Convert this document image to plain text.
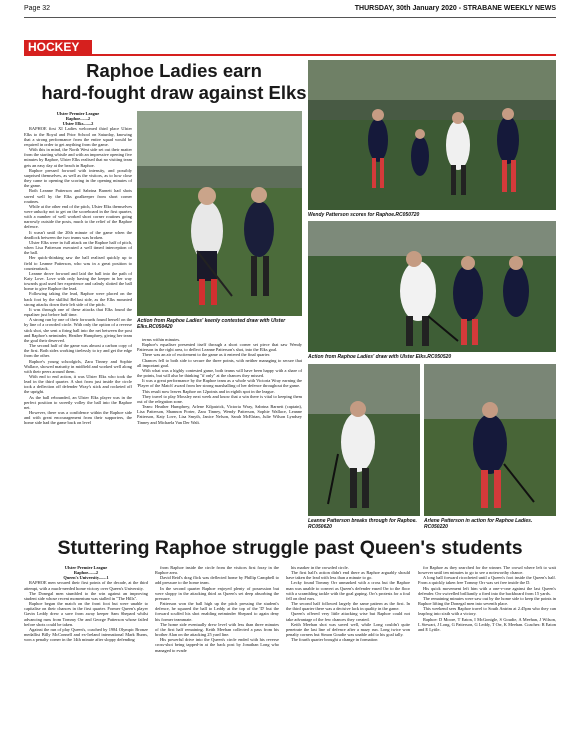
Page 32	THURSDAY, 30th January 2020 - STRABANE WEEKLY NEWS
HOCKEY
Raphoe Ladies earn
hard-fought draw against Elks

Ulster Premier League

Raphoe.......2

Ulster Elks.......2

RAPHOE first XI Ladies welcomed third place Ulster Elks to the Royal and Prior School on Saturday, knowing that a strong performance from the entire squad would be required in order to get anything from the game.

With this in mind, the North West side set out their matter from the starting whistle and with an impressive opening five minutes by Raphoe, Ulster Elks realised that no visiting team gets an easy day at the beach in Raphoe.

Raphoe pressed forward with intensity, and possibly surprised themselves, as well as the visitors, as to how close they came to opening the scoring in the opening minutes of the game.

Both Leanne Patterson and Sabrina Barnett had shots saved well by the Elks goalkeeper from short corner routines.

While at the other end of the pitch, Ulster Elks themselves were unlucky not to get on the scoreboard in the first quarter, with a number of well worked short corner routines going narrowly outside the posts, much to the relief of the Raphoe defence.

It wasn't until the 20th minute of the game when the deadlock between the two teams was broken.

Ulster Elks were in full attack on the Raphoe half of pitch, when Lisa Patterson executed a well timed interception of the ball.

Her quick-thinking saw the ball realised quickly up to field to Leanne Patterson, who was in a great position to counterattack.

Leanne drove forward and laid the ball into the path of Katy Love. Love with only having the keeper in her way towards goal used her experience and calmly slotted the ball home to give Raphoe the lead.

Following taking the lead, Raphoe were placed on the back foot by the skillful Belfast side, as the Elks mounted strong attacks down their left side of the pitch.

It was through one of these attacks that Elks found the equaliser just before half time.

A strong run by one of their forwards found herself on the by line of a crowded circle. With only the option of a reverse stick shot, she sent a firing ball into the net between the post and Raphoe's netminder, Heather Humphrey, giving her team the goal their deserved.

The second half of the game was almost a carbon copy of the first. Both sides working tirelessly to try and get the edge from the other.

Raphoe's young schoolgirls, Zara Tinney and Sophie Wallace, showed maturity in midfield and worked well along with their peers around them.

With end to end action, it was Ulster Elks who took the lead in the third quarter. A shot from just inside the circle took a deflection off defender Wray's stick and rocketed off the upright.

As the ball rebounded, an Ulster Elks player was in the perfect position to sweetly volley the ball into the Raphoe net.

However, there was a confidence within the Raphoe side and with great encouragement from their supporters, the home side had the game back on level

Action from Raphoe Ladies' keenly contested draw with Ulster Elks.RC050420

terms within minutes.

Raphoe's equaliser presented itself through a short corner set piece that saw Wendy Patterson in the right area, to deflect Leanne Patterson's shot, into the Elks goal.

There was an air of excitement to the game as it entered the final quarter.

Chances fell to both side to secure the three points, with neither managing to secure that all important goal.

With what was a highly contested game, both teams will have been happy with a share of the points, but will also be thinking "if only" at the chances they missed.

It was a great performance by the Raphoe team as a whole with Victoria Wray earning the 'Player of the Match' award from her strong marshalling of her defence throughout the game.

This result now leaves Raphoe on 12points and in eighth spot in the league.

They travel to play Mossley next week and know that a win there is vital to keeping them out of the relegation zone.

Team: Heather Humphrey, Arlene Kilpatrick, Victoria Wray, Sabrina Barnett (captain), Lisa Patterson, Shannon Porter, Zara Tinney, Wendy Patterson, Sophie Wallace, Leanne Patterson, Katy Love, Lisa Smyth, Janice Nelson, Sarah McElrian, Julie Wilson Lyndsey Tinney and Michaela Van Der Walt.

Wendy Patterson scores for Raphoe.RC050720
Action from Raphoe Ladies' draw with Ulster Elks.RC050520
Leanne Patterson breaks through for Raphoe. RC050620
Arlene Patterson in action for Raphoe Ladies. RC050220
Stuttering Raphoe struggle past Queen's students

Ulster Premier League

Raphoe.......2

Queen's University.......1

RAPHOE men secured their first points of the decade, at the third attempt, with a much-needed home victory over Queen's University.

The Donegal men stumbled to the win against an improving student side whose recent momentum was stalled in "The Hills".

Raphoe began the match on the front foot but were unable to capitalise on their chances in the first quarter. Former Queen's player Gavin Leddy drew a save from away keeper Sam Shepard whilst advancing runs from Tommy Orr and George Patterson whose failed before shots could be taken.

Against the run of play Queen's, coached by 1984 Olympic Bronze medallist Billy McConnell and ex-Ireland international Mark Burns, won a penalty corner in the 14th minute after sloppy defending

from Raphoe inside the circle from the visitors first foray in the Raphoe area.

David Reid's drag flick was deflected home by Phillip Campbell to add pressure to the home team.

In the second quarter Raphoe enjoyed plenty of possession but were sloppy in the attacking third as Queen's set deep absorbing the pressure.

Patterson won the ball high up the pitch pressing the student's defence, he squared the ball to Leddy at the top of the 'D' but the forward scuffed his shot enabling netminder Shepard to again deny his former teammate.

The home side eventually drew level with less than three minutes of the first half remaining. Keith Meehan collected a pass from his brother Alan on the attacking 25 yard line.

His powerful drive into the Queen's circle ended with his reverse cross-shot being tapped-in at the back post by Jonathan Long who managed to evade

his marker in the crowded circle.

The first half's action didn't end there as Raphoe arguably should have taken the lead with less than a minute to go.

Lecky found Tommy Orr unmarked with a cross but the Raphoe man was unable to convert as Queen's defender eased Orr to the floor with a scrambling tackle with the goal gaping. Orr's protests for a foul fell on deaf ears.

The second half followed largely the same pattern as the first. In the third quarter there was a decisive lack in quality in the game.

Queen's offered very little attacking wise but Raphoe could not take advantage of the few chances they created.

Keith Meehan shot was saved well, while Long couldn't quite penetrate the last line of defence after a mazy run. Long twice won penalty corners but Simon Goudie was unable add to his goal tally.

The fourth quarter brought a change in formation

for Raphoe as they searched for the winner. The crowd where left to wait however until ten minutes to go to see a noteworthy chance.

A long ball forward ricocheted until a Queen's foot inside the Queen's half. From a quickly taken free Tommy Orr was set free inside the D.

His quick movement left him with a one-v-one against the last Queen's defender. Orr swivelled brilliantly a fired into the backboard from 15 yards.

The remaining minutes were saw out by the home side to keep the points in Raphoe lifting the Donegal men into seventh place.

This weekend sees Raphoe travel to South Antrim at 2.45pm who they can leapfrog into sixth with a victory.

Raphoe: D Moore, T Eaton, I McGonigle, S Goudie, A Meehan, J Wilson, L Stewart, J Long, G Patterson, G Leddy, T Orr, K Meehan. Coaches: R Eaton and E Lyttle.
